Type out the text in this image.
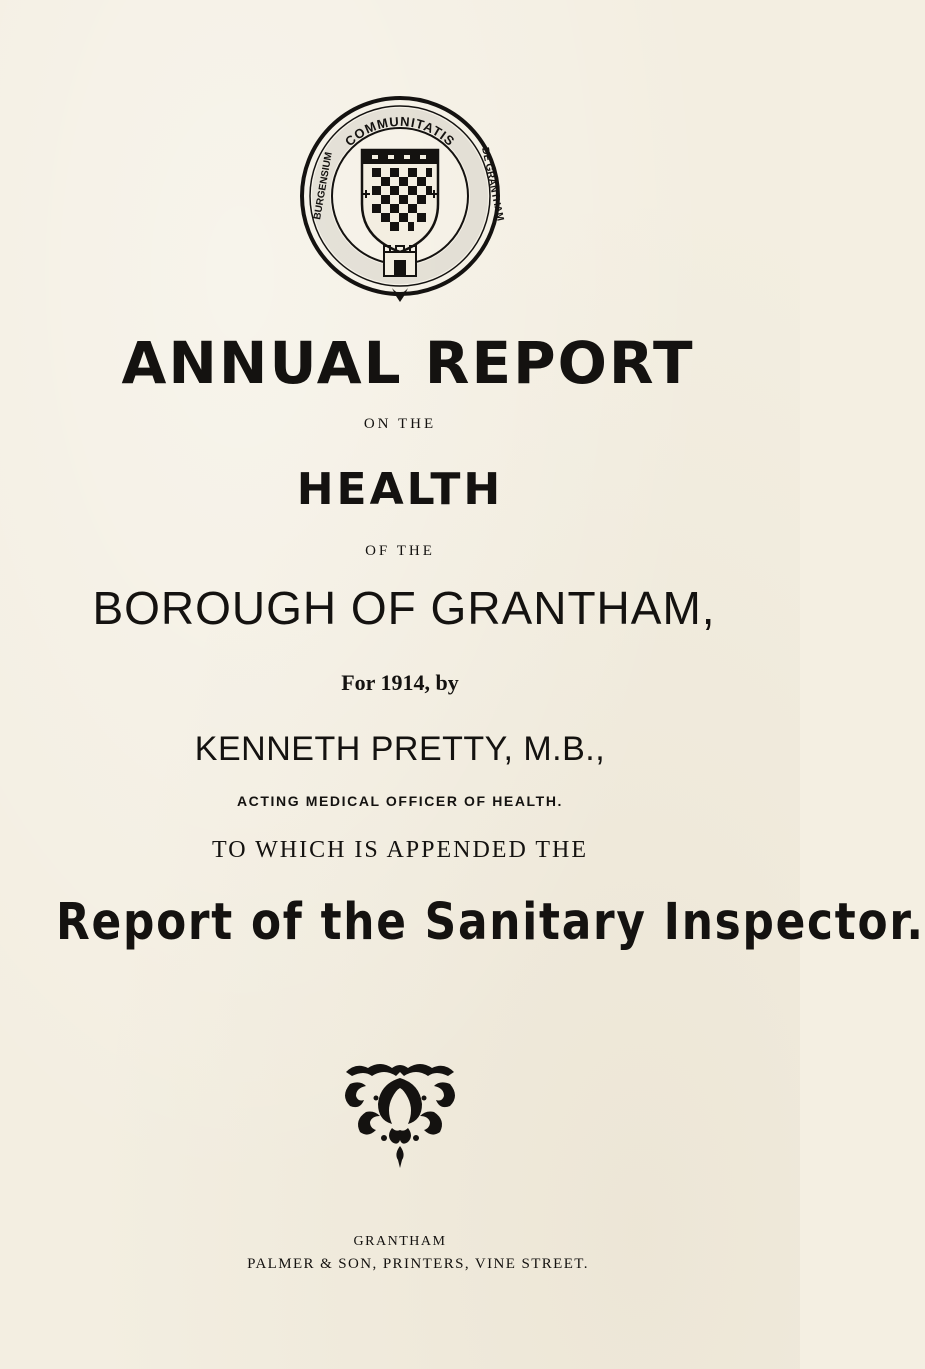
COMMUNITATIS
BURGENSIUM	DE GRANTHAM
ANNUAL REPORT
ON THE
HEALTH
OF THE
BOROUGH OF GRANTHAM,
For 1914, by
KENNETH PRETTY, M.B.,
ACTING MEDICAL OFFICER OF HEALTH.
TO WHICH IS APPENDED THE
Report of the Sanitary Inspector.
GRANTHAM
PALMER & SON, PRINTERS, VINE STREET.
